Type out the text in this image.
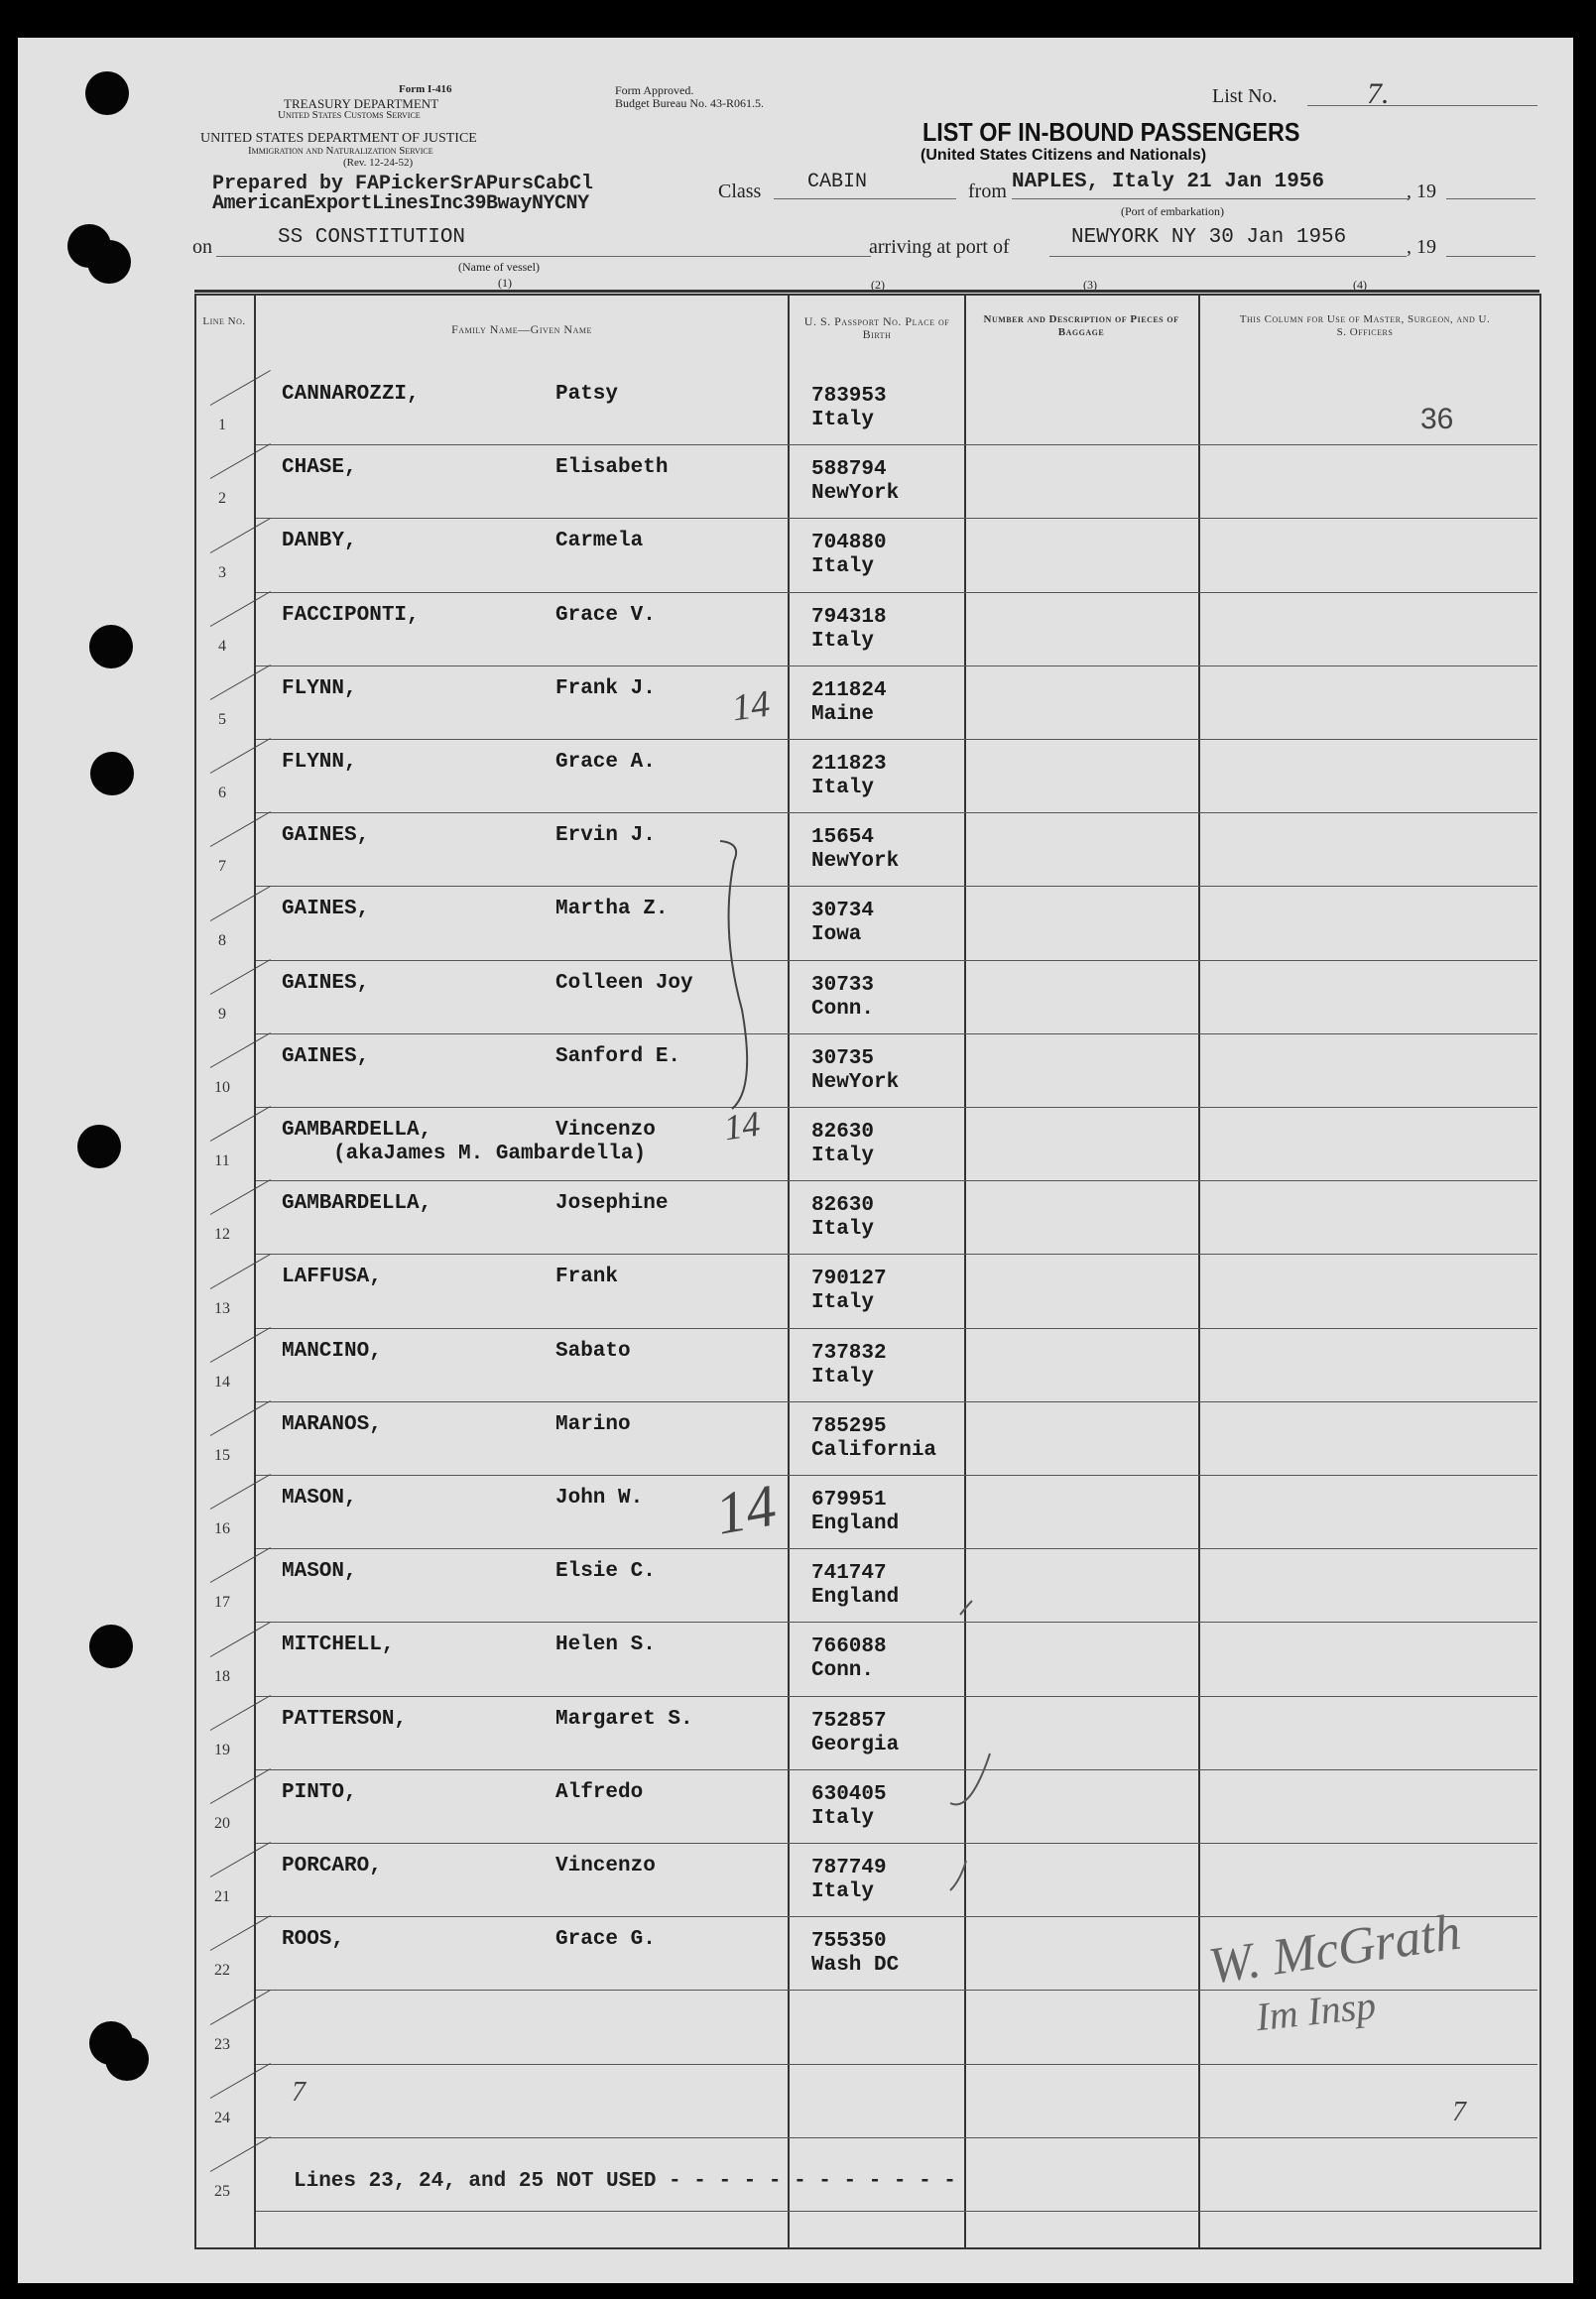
Form I-416
TREASURY DEPARTMENT
United States Customs Service
Form Approved.
Budget Bureau No. 43-R061.5.
UNITED STATES DEPARTMENT OF JUSTICE
Immigration and Naturalization Service
(Rev. 12-24-52)
List No.	7.
LIST OF IN-BOUND PASSENGERS
(United States Citizens and Nationals)
Prepared by FAPickerSrAPursCabCl
AmericanExportLinesInc39BwayNYCNY
Class CABIN	from NAPLES, Italy 21 Jan 1956	, 19
(Port of embarkation)
on	SS CONSTITUTION
(Name of vessel)
arriving at port of	NEWYORK NY 30 Jan 1956	, 19
(1)	(2)	(3)	(4)
Line No.
Family Name—Given Name
U. S. Passport No. Place of Birth
Number and Description of Pieces of Baggage
This Column for Use of Master, Surgeon, and U. S. Officers
1
CANNAROZZI,	Patsy	783953
Italy
2
CHASE,	Elisabeth	588794
NewYork
3
DANBY,	Carmela	704880
Italy
4
FACCIPONTI,	Grace V.	794318
Italy
5
FLYNN,	Frank J.	211824
Maine
6
FLYNN,	Grace A.	211823
Italy
7
GAINES,	Ervin J.	15654
NewYork
8
GAINES,	Martha Z.	30734
Iowa
9
GAINES,	Colleen Joy	30733
Conn.
10
GAINES,	Sanford E.	30735
NewYork
11
GAMBARDELLA,	Vincenzo
(akaJames M. Gambardella)
82630
Italy
12
GAMBARDELLA,	Josephine	82630
Italy
13
LAFFUSA,	Frank	790127
Italy
14
MANCINO,	Sabato	737832
Italy
15
MARANOS,	Marino	785295
California
16
MASON,	John W.	679951
England
17
MASON,	Elsie C.	741747
England
18
MITCHELL,	Helen S.	766088
Conn.
19
PATTERSON,	Margaret S.	752857
Georgia
20
PINTO,	Alfredo	630405
Italy
21
PORCARO,	Vincenzo	787749
Italy
22
ROOS,	Grace G.	755350
Wash DC
23
24
25	Lines 23, 24, and 25 NOT USED - - - - - - - - - - - -
36
14
14
14
7
7
W. McGrath
Im Insp
